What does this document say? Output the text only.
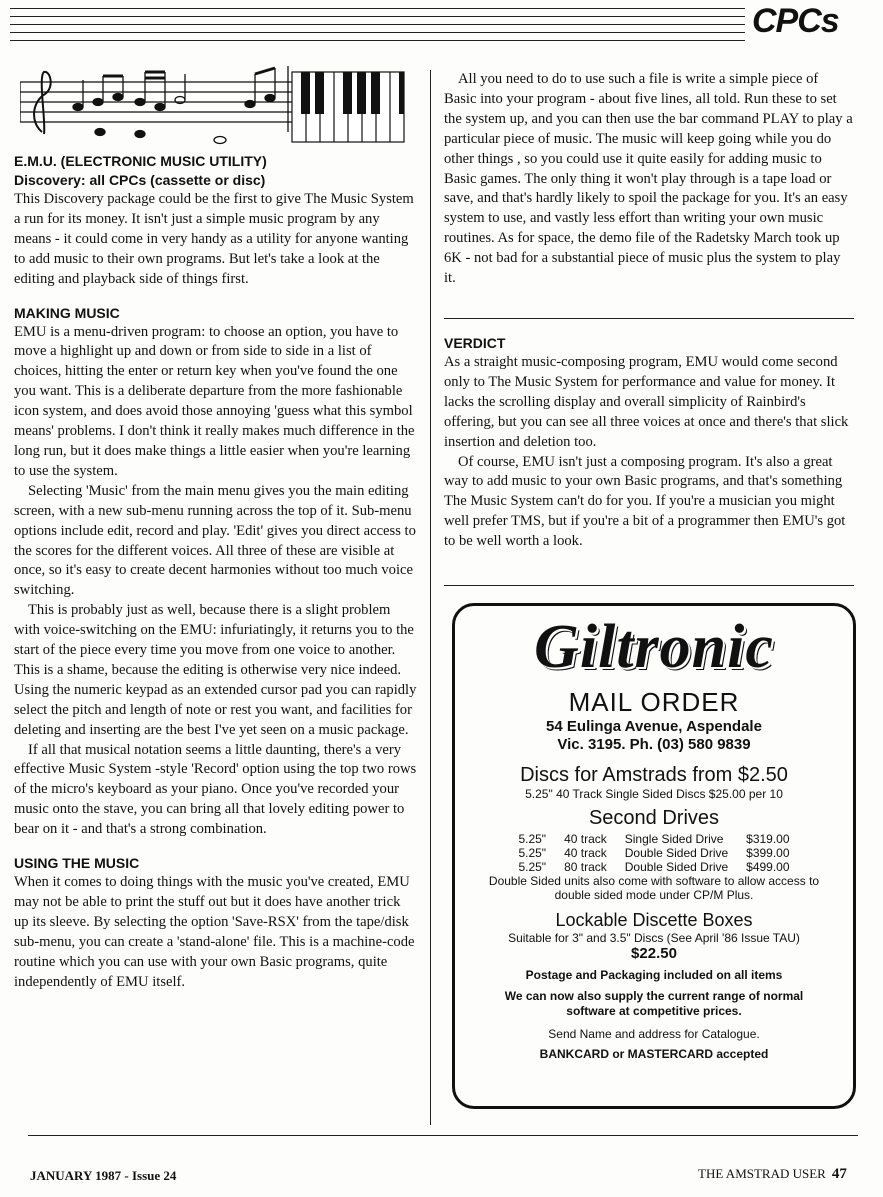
CPCs
E.M.U. (ELECTRONIC MUSIC UTILITY)
Discovery: all CPCs (cassette or disc)

This Discovery package could be the first to give The Music System a run for its money. It isn't just a simple music program by any means - it could come in very handy as a utility for anyone wanting to add music to their own programs. But let's take a look at the editing and playback side of things first.

MAKING MUSIC

EMU is a menu-driven program: to choose an option, you have to move a highlight up and down or from side to side in a list of choices, hitting the enter or return key when you've found the one you want. This is a deliberate departure from the more fashionable icon system, and does avoid those annoying 'guess what this symbol means' problems. I don't think it really makes much difference in the long run, but it does make things a little easier when you're learning to use the system.

Selecting 'Music' from the main menu gives you the main editing screen, with a new sub-menu running across the top of it. Sub-menu options include edit, record and play. 'Edit' gives you direct access to the scores for the different voices. All three of these are visible at once, so it's easy to create decent harmonies without too much voice switching.

This is probably just as well, because there is a slight problem with voice-switching on the EMU: infuriatingly, it returns you to the start of the piece every time you move from one voice to another. This is a shame, because the editing is otherwise very nice indeed. Using the numeric keypad as an extended cursor pad you can rapidly select the pitch and length of note or rest you want, and facilities for deleting and inserting are the best I've yet seen on a music package.

If all that musical notation seems a little daunting, there's a very effective Music System -style 'Record' option using the top two rows of the micro's keyboard as your piano. Once you've recorded your music onto the stave, you can bring all that lovely editing power to bear on it - and that's a strong combination.

USING THE MUSIC

When it comes to doing things with the music you've created, EMU may not be able to print the stuff out but it does have another trick up its sleeve. By selecting the option 'Save-RSX' from the tape/disk sub-menu, you can create a 'stand-alone' file. This is a machine-code routine which you can use with your own Basic programs, quite independently of EMU itself.

All you need to do to use such a file is write a simple piece of Basic into your program - about five lines, all told. Run these to set the system up, and you can then use the bar command PLAY to play a particular piece of music. The music will keep going while you do other things , so you could use it quite easily for adding music to Basic games. The only thing it won't play through is a tape load or save, and that's hardly likely to spoil the package for you. It's an easy system to use, and vastly less effort than writing your own music routines. As for space, the demo file of the Radetsky March took up 6K - not bad for a substantial piece of music plus the system to play it.

VERDICT

As a straight music-composing program, EMU would come second only to The Music System for performance and value for money. It lacks the scrolling display and overall simplicity of Rainbird's offering, but you can see all three voices at once and there's that slick insertion and deletion too.

Of course, EMU isn't just a composing program. It's also a great way to add music to your own Basic programs, and that's something The Music System can't do for you. If you're a musician you might well prefer TMS, but if you're a bit of a programmer then EMU's got to be well worth a look.

Giltronic
MAIL ORDER
54 Eulinga Avenue, Aspendale
Vic. 3195. Ph. (03) 580 9839
Discs for Amstrads from $2.50
5.25" 40 Track Single Sided Discs $25.00 per 10
Second Drives
5.25"	40 track	Single Sided Drive	$319.00
5.25"	40 track	Double Sided Drive	$399.00
5.25"	80 track	Double Sided Drive	$499.00
Double Sided units also come with software to allow access to double sided mode under CP/M Plus.
Lockable Discette Boxes
Suitable for 3" and 3.5" Discs (See April '86 Issue TAU)
$22.50
Postage and Packaging included on all items
We can now also supply the current range of normal software at competitive prices.
Send Name and address for Catalogue.
BANKCARD or MASTERCARD accepted
JANUARY 1987 - Issue 24	THE AMSTRAD USER 47
